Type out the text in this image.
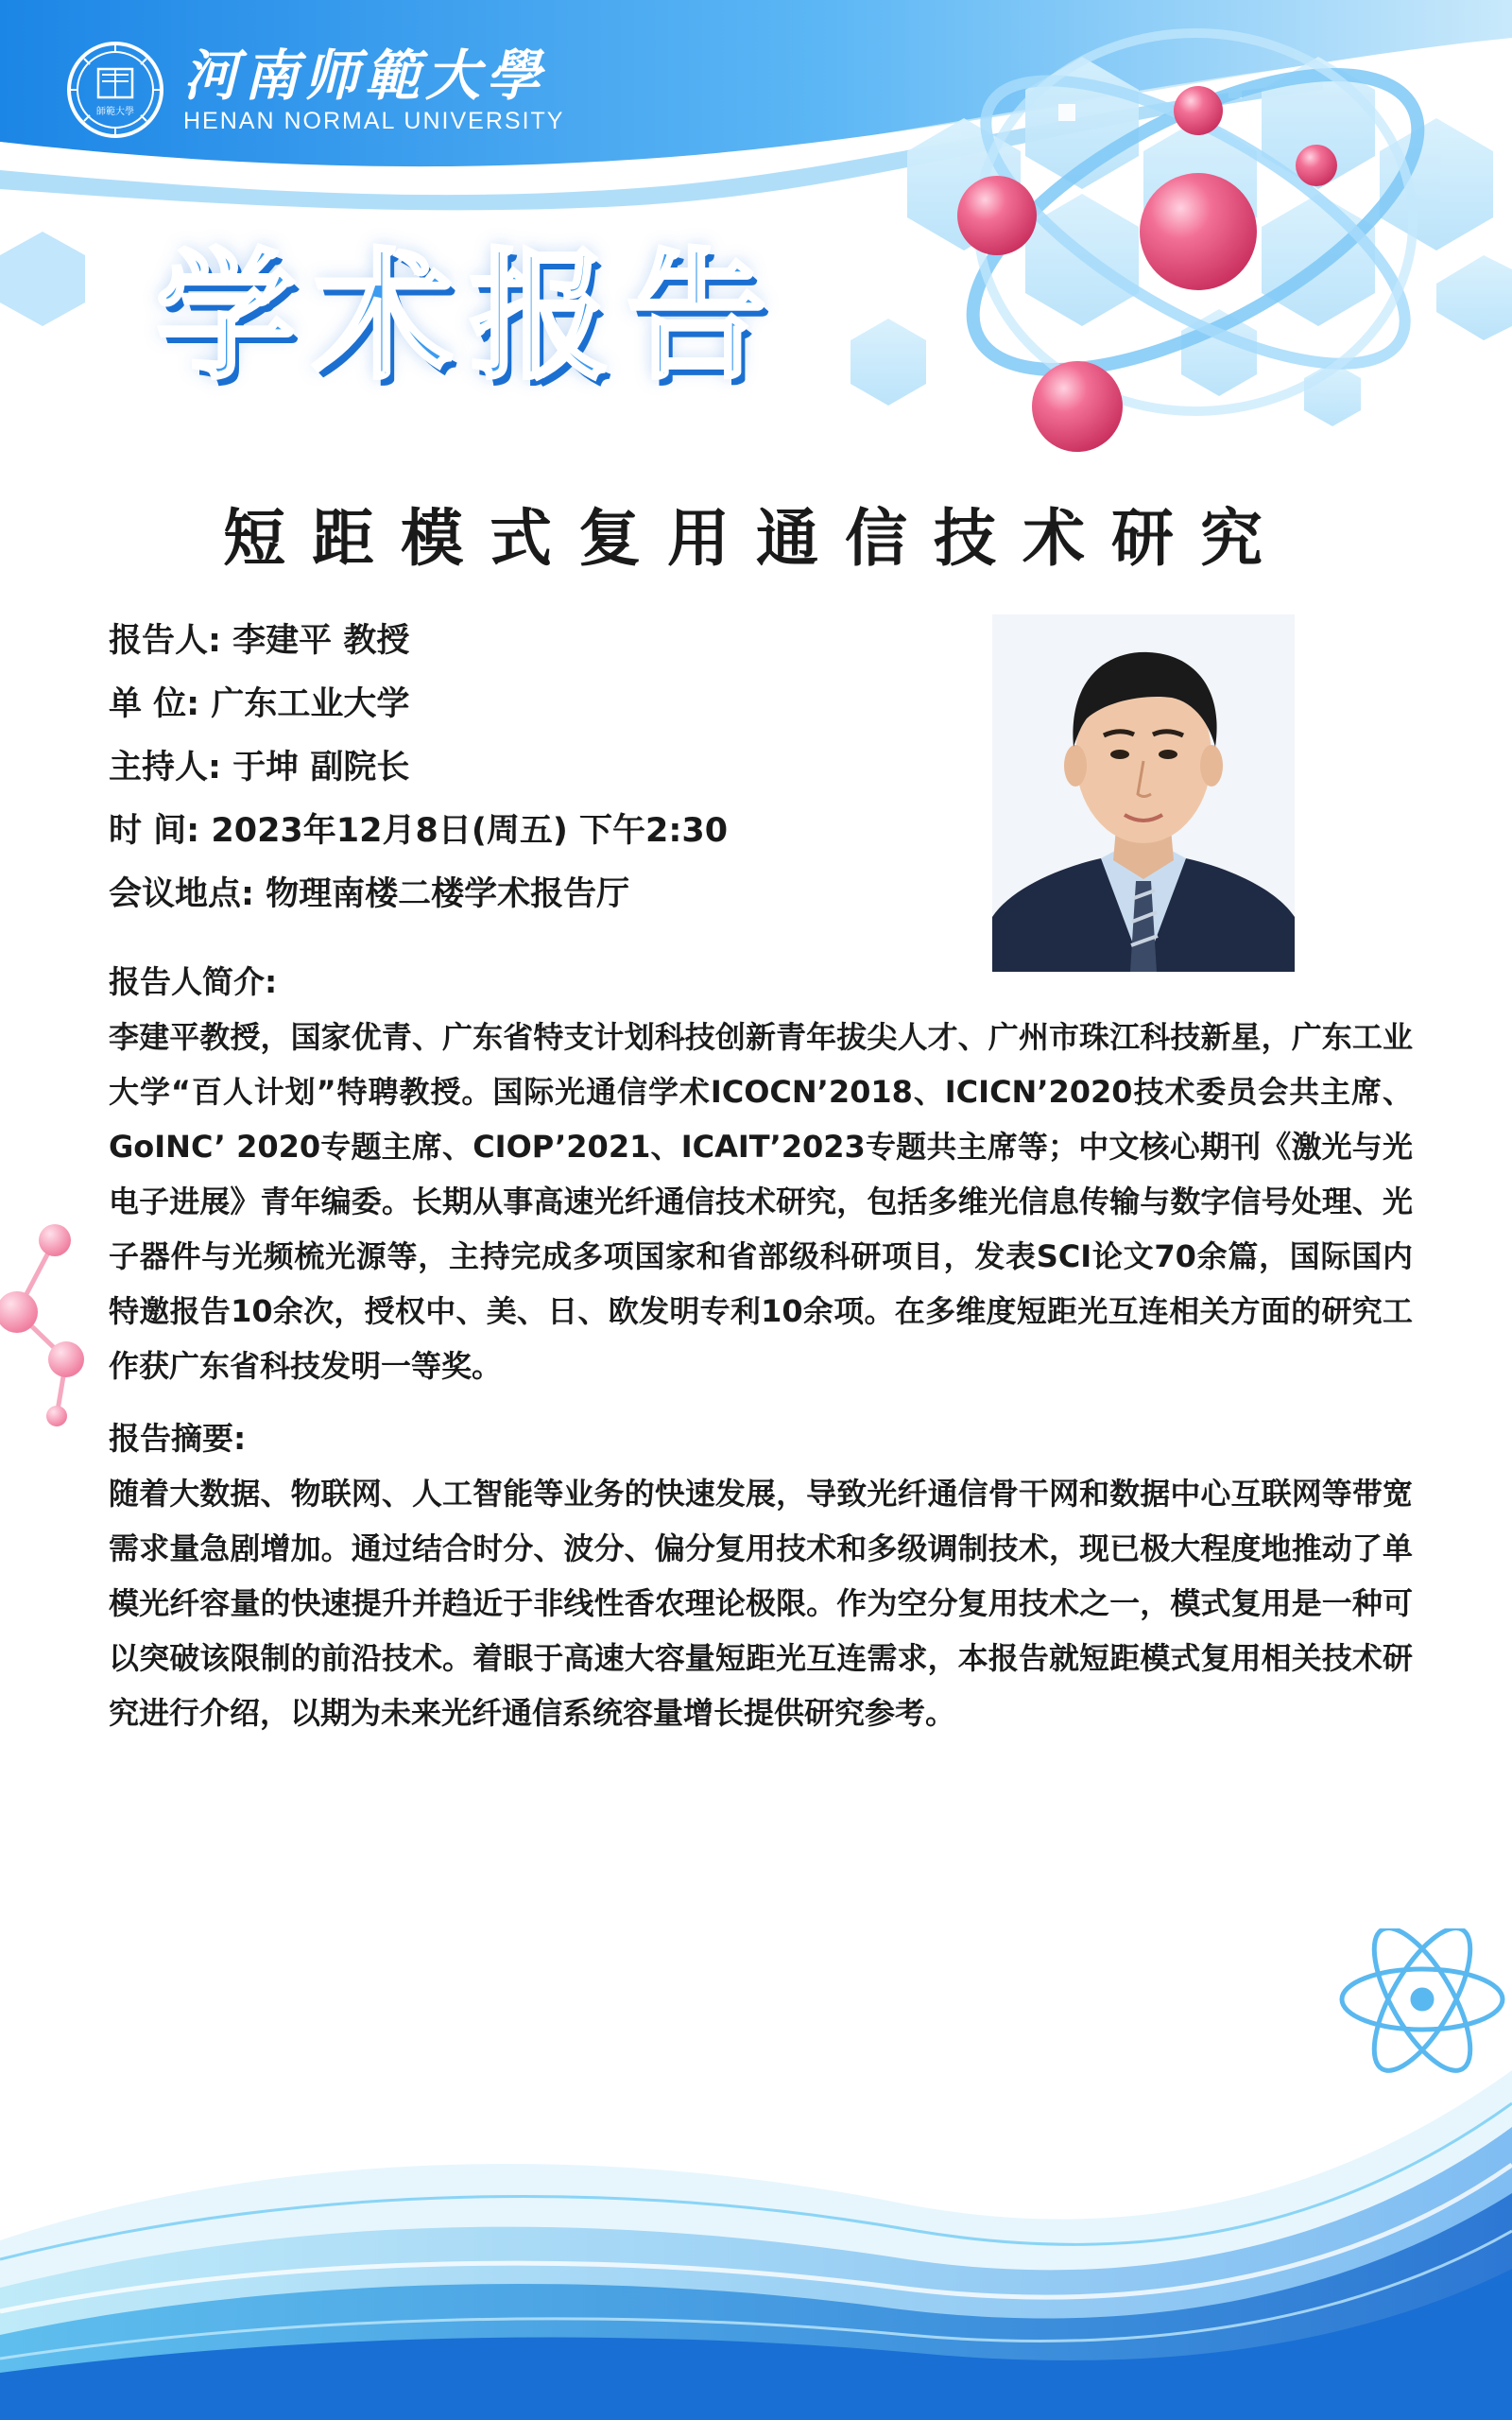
師範大學
河南师範大學
HENAN NORMAL UNIVERSITY
学术报告
短距模式复用通信技术研究
报告人: 李建平 教授
单 位: 广东工业大学
主持人: 于坤 副院长
时 间: 2023年12月8日(周五) 下午2:30
会议地点: 物理南楼二楼学术报告厅
报告人简介:
李建平教授，国家优青、广东省特支计划科技创新青年拔尖人才、广州市珠江科技新星，广东工业大学“百人计划”特聘教授。国际光通信学术ICOCN’2018、ICICN’2020技术委员会共主席、GoINC’ 2020专题主席、CIOP’2021、ICAIT’2023专题共主席等；中文核心期刊《激光与光电子进展》青年编委。长期从事高速光纤通信技术研究，包括多维光信息传输与数字信号处理、光子器件与光频梳光源等，主持完成多项国家和省部级科研项目，发表SCI论文70余篇，国际国内特邀报告10余次，授权中、美、日、欧发明专利10余项。在多维度短距光互连相关方面的研究工作获广东省科技发明一等奖。
报告摘要:
随着大数据、物联网、人工智能等业务的快速发展，导致光纤通信骨干网和数据中心互联网等带宽需求量急剧增加。通过结合时分、波分、偏分复用技术和多级调制技术，现已极大程度地推动了单模光纤容量的快速提升并趋近于非线性香农理论极限。作为空分复用技术之一，模式复用是一种可以突破该限制的前沿技术。着眼于高速大容量短距光互连需求，本报告就短距模式复用相关技术研究进行介绍，以期为未来光纤通信系统容量增长提供研究参考。
